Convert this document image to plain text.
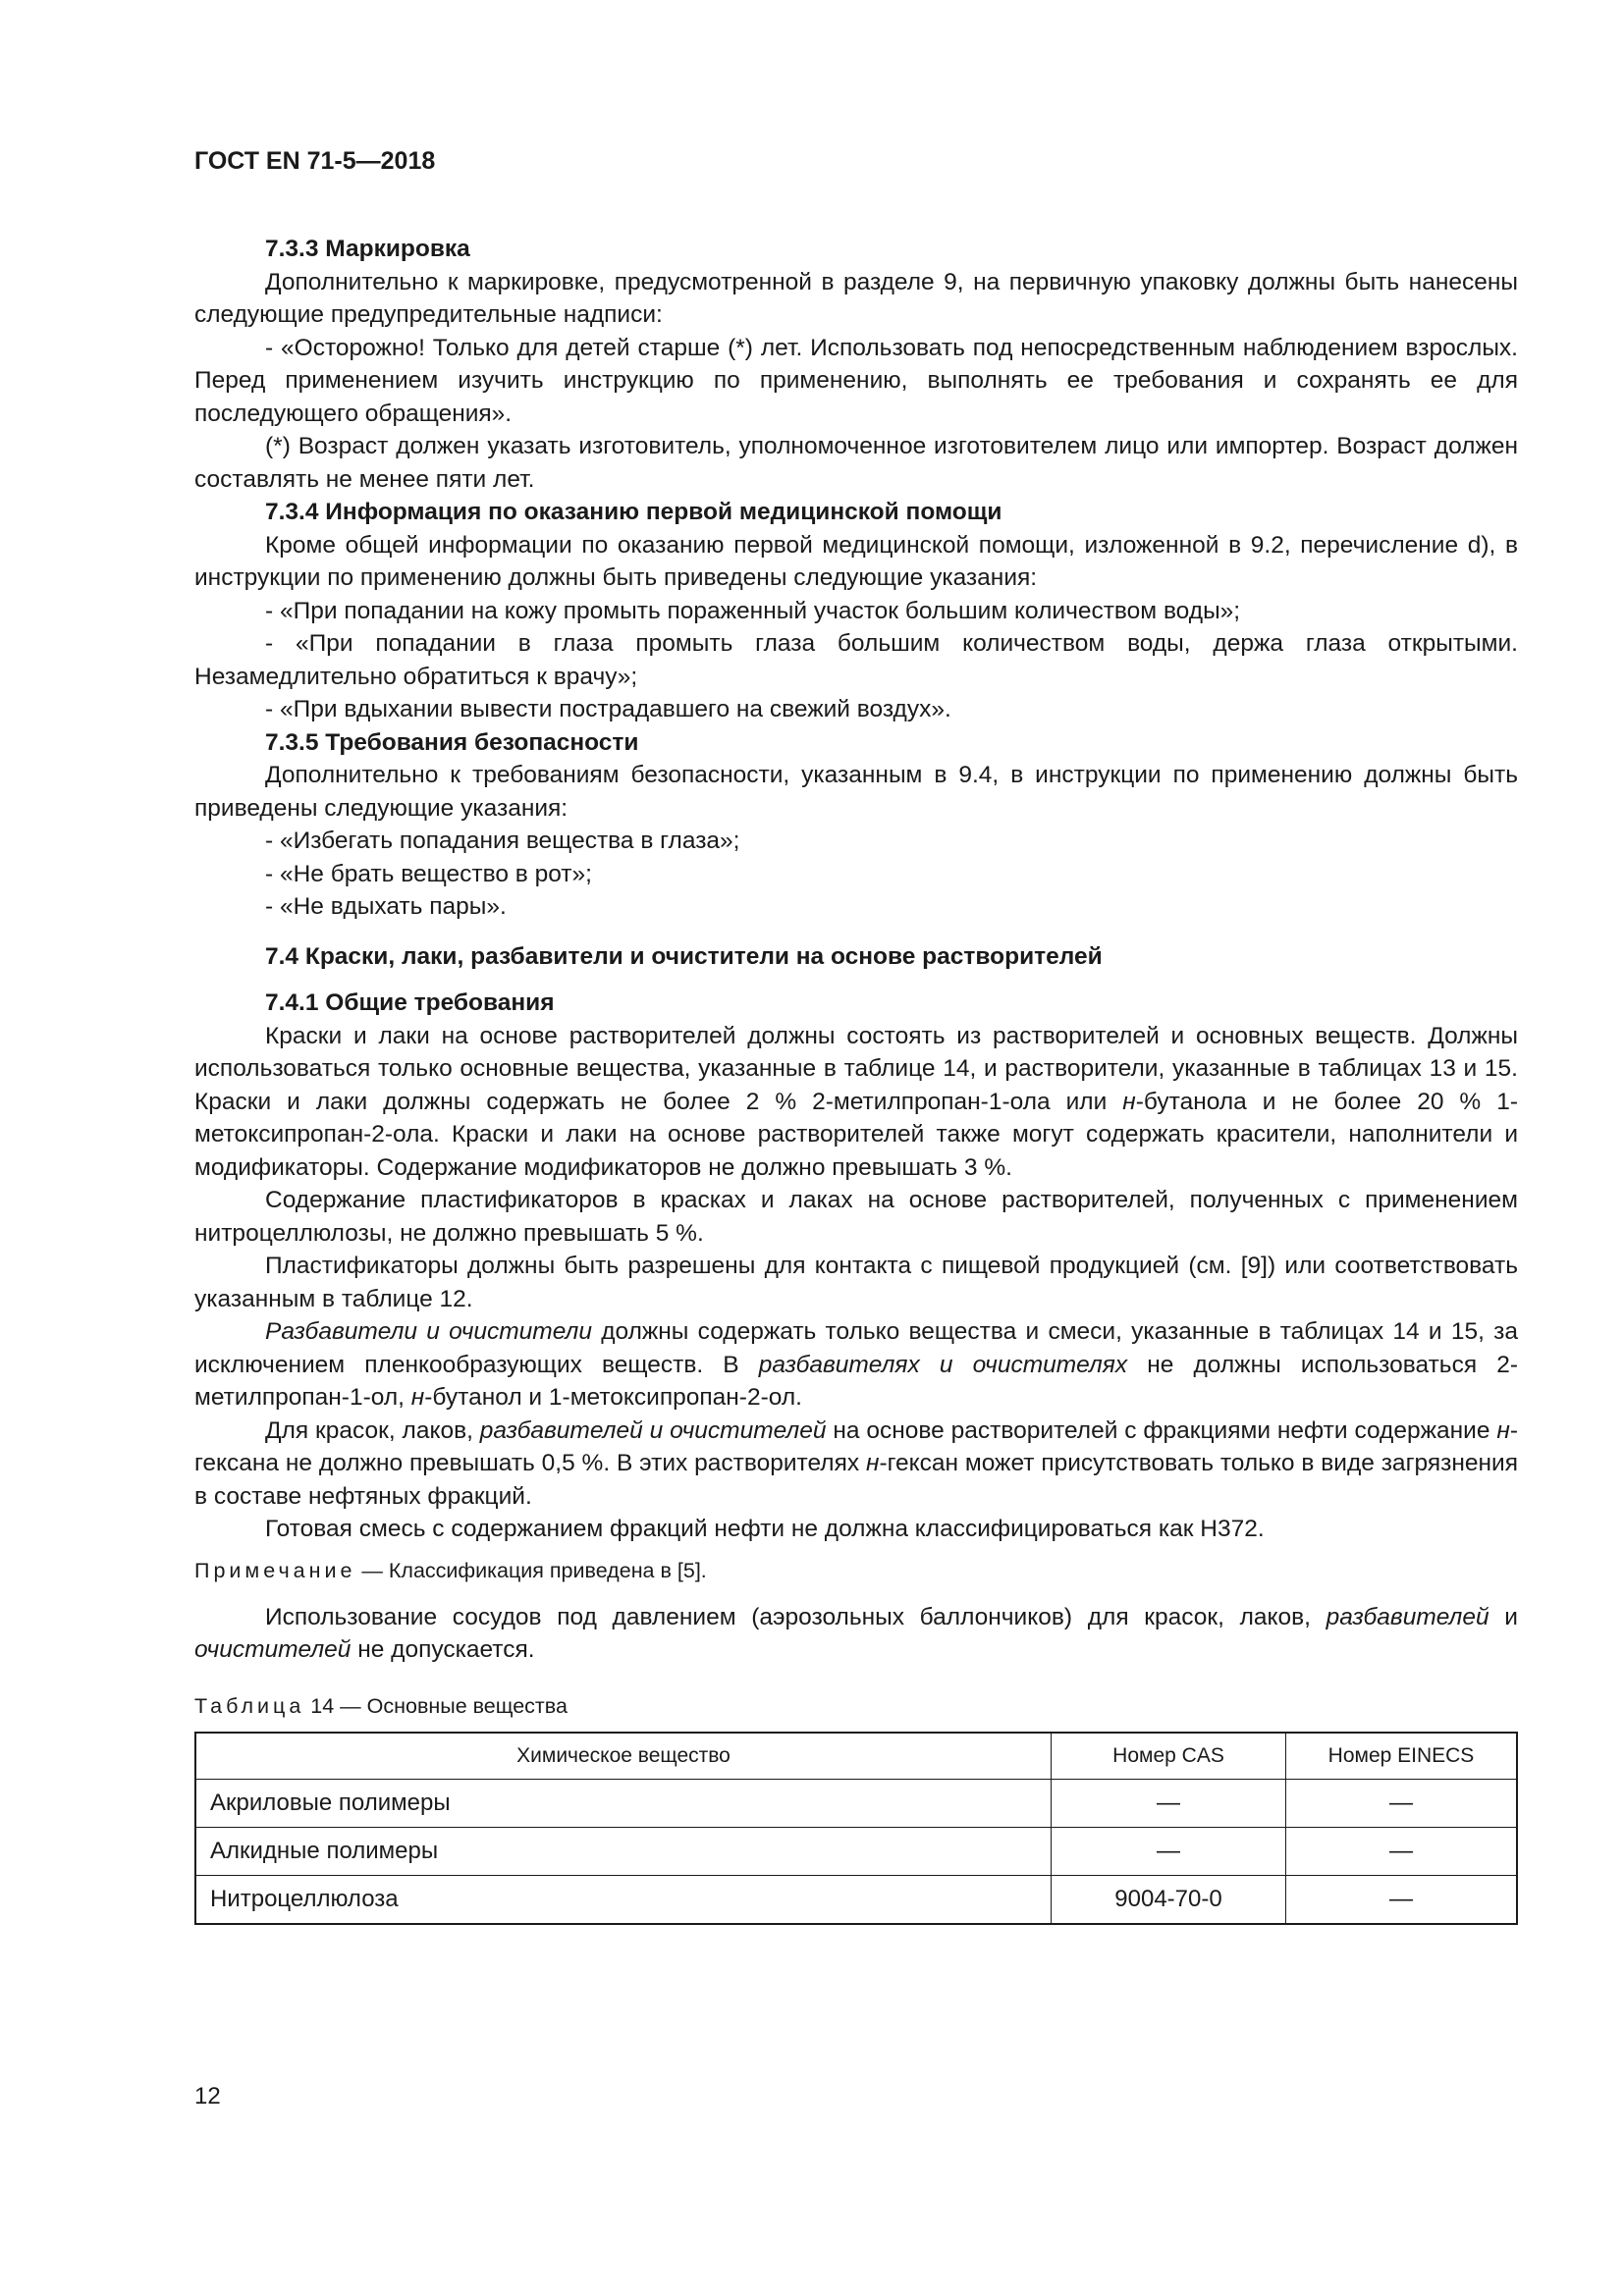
ГОСТ EN 71-5—2018
7.3.3 Маркировка

Дополнительно к маркировке, предусмотренной в разделе 9, на первичную упаковку должны быть нанесены следующие предупредительные надписи:

- «Осторожно! Только для детей старше (*) лет. Использовать под непосредственным наблюдением взрослых. Перед применением изучить инструкцию по применению, выполнять ее требования и сохранять ее для последующего обращения».

(*) Возраст должен указать изготовитель, уполномоченное изготовителем лицо или импортер. Возраст должен составлять не менее пяти лет.

7.3.4 Информация по оказанию первой медицинской помощи

Кроме общей информации по оказанию первой медицинской помощи, изложенной в 9.2, перечисление d), в инструкции по применению должны быть приведены следующие указания:

- «При попадании на кожу промыть пораженный участок большим количеством воды»;

- «При попадании в глаза промыть глаза большим количеством воды, держа глаза открытыми. Незамедлительно обратиться к врачу»;

- «При вдыхании вывести пострадавшего на свежий воздух».

7.3.5 Требования безопасности

Дополнительно к требованиям безопасности, указанным в 9.4, в инструкции по применению должны быть приведены следующие указания:

- «Избегать попадания вещества в глаза»;

- «Не брать вещество в рот»;

- «Не вдыхать пары».

7.4 Краски, лаки, разбавители и очистители на основе растворителей
7.4.1 Общие требования

Краски и лаки на основе растворителей должны состоять из растворителей и основных веществ. Должны использоваться только основные вещества, указанные в таблице 14, и растворители, указанные в таблицах 13 и 15. Краски и лаки должны содержать не более 2 % 2-метилпропан-1-ола или н-бутанола и не более 20 % 1-метоксипропан-2-ола. Краски и лаки на основе растворителей также могут содержать красители, наполнители и модификаторы. Содержание модификаторов не должно превышать 3 %.

Содержание пластификаторов в красках и лаках на основе растворителей, полученных с применением нитроцеллюлозы, не должно превышать 5 %.

Пластификаторы должны быть разрешены для контакта с пищевой продукцией (см. [9]) или соответствовать указанным в таблице 12.

Разбавители и очистители должны содержать только вещества и смеси, указанные в таблицах 14 и 15, за исключением пленкообразующих веществ. В разбавителях и очистителях не должны использоваться 2-метилпропан-1-ол, н-бутанол и 1-метоксипропан-2-ол.

Для красок, лаков, разбавителей и очистителей на основе растворителей с фракциями нефти содержание н-гексана не должно превышать 0,5 %. В этих растворителях н-гексан может присутствовать только в виде загрязнения в составе нефтяных фракций.

Готовая смесь с содержанием фракций нефти не должна классифицироваться как H372.

Примечание — Классификация приведена в [5].

Использование сосудов под давлением (аэрозольных баллончиков) для красок, лаков, разбавителей и очистителей не допускается.

Таблица 14 — Основные вещества
Химическое вещество	Номер CAS	Номер EINECS
Акриловые полимеры	—	—
Алкидные полимеры	—	—
Нитроцеллюлоза	9004-70-0	—
12
